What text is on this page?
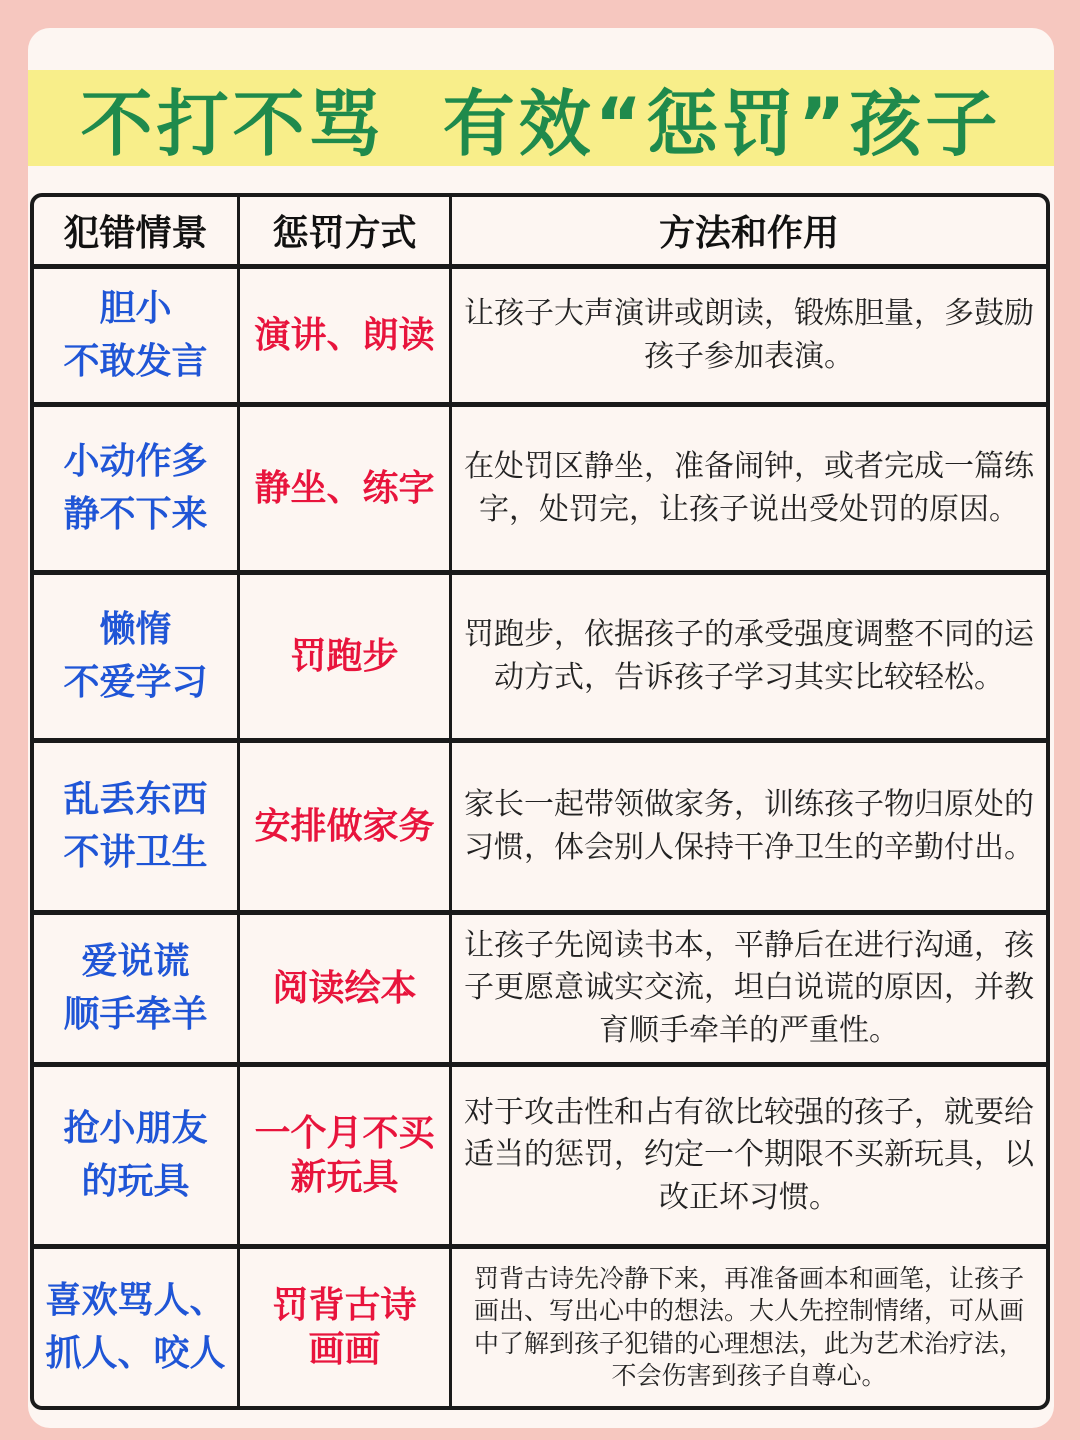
不打不骂  有效“惩罚”孩子
犯错情景	惩罚方式	方法和作用
胆小
不敢发言
演讲、朗读
让孩子大声演讲或朗读，锻炼胆量，多鼓励孩子参加表演。
小动作多
静不下来
静坐、练字
在处罚区静坐，准备闹钟，或者完成一篇练字，处罚完，让孩子说出受处罚的原因。
懒惰
不爱学习
罚跑步
罚跑步，依据孩子的承受强度调整不同的运动方式，告诉孩子学习其实比较轻松。
乱丢东西
不讲卫生
安排做家务
家长一起带领做家务，训练孩子物归原处的习惯，体会别人保持干净卫生的辛勤付出。
爱说谎
顺手牵羊
阅读绘本
让孩子先阅读书本，平静后在进行沟通，孩子更愿意诚实交流，坦白说谎的原因，并教育顺手牵羊的严重性。
抢小朋友
的玩具
一个月不买
新玩具
对于攻击性和占有欲比较强的孩子，就要给适当的惩罚，约定一个期限不买新玩具，以改正坏习惯。
喜欢骂人、
抓人、咬人
罚背古诗
画画
罚背古诗先冷静下来，再准备画本和画笔，让孩子画出、写出心中的想法。大人先控制情绪，可从画中了解到孩子犯错的心理想法，此为艺术治疗法，不会伤害到孩子自尊心。
